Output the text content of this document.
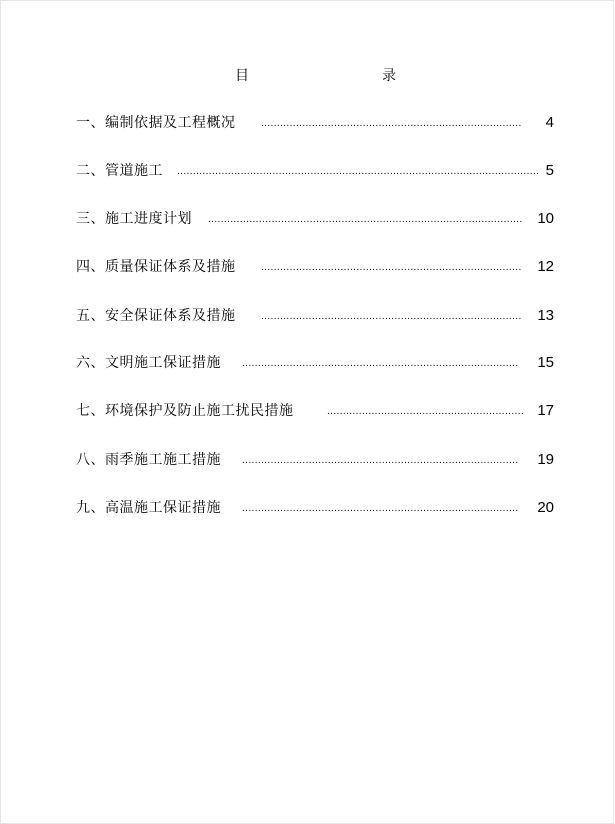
目	录
一、编制依据及工程概况	.................................................................................. 4
二、管道施工 .................................................................................................................. 5
三、施工进度计划 ................................................................................................... 10
四、质量保证体系及措施	.................................................................................. 12
五、安全保证体系及措施	.................................................................................. 13
六、文明施工保证措施 ....................................................................................... 15
七、环境保护及防止施工扰民措施	.............................................................. 17
八、雨季施工施工措施 ....................................................................................... 19
九、高温施工保证措施 ....................................................................................... 20
